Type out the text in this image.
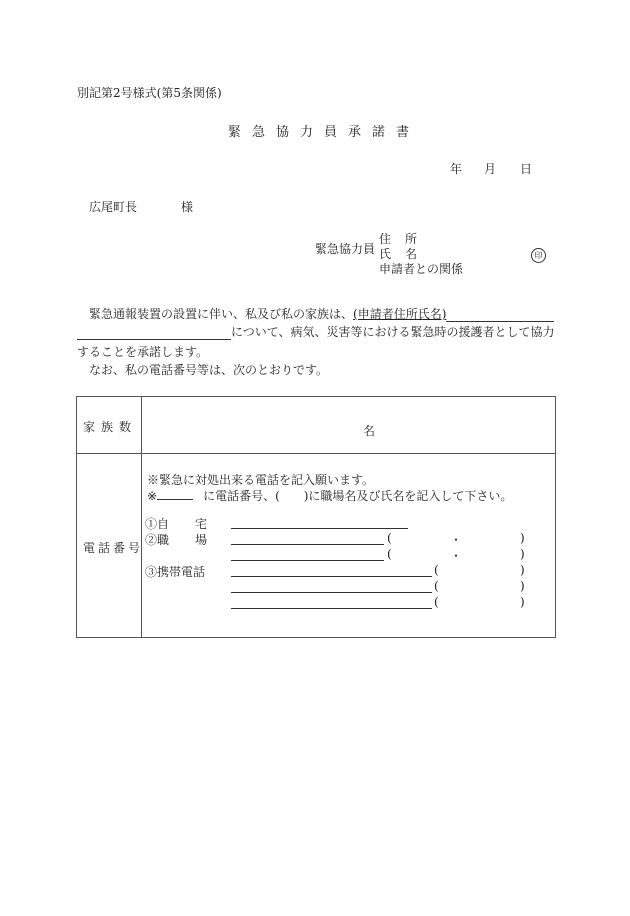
別記第2号様式(第5条関係)
緊急協力員承諾書
年 月 日
広尾町長	様
緊急協力員
住 所
氏 名
申請者との関係
印
緊急通報装置の設置に伴い、私及び私の家族は、(申請者住所氏名)
について、病気、災害等における緊急時の援護者として協力
することを承諾します。
なお、私の電話番号等は、次のとおりです。
家族数	名
電話番号
※緊急に対処出来る電話を記入願います。
※	に電話番号、(　　)に職場名及び氏名を記入して下さい。
①自 宅
②職 場	(	・	)
(	・	)
③携帯電話	(	)
(	)
(	)
